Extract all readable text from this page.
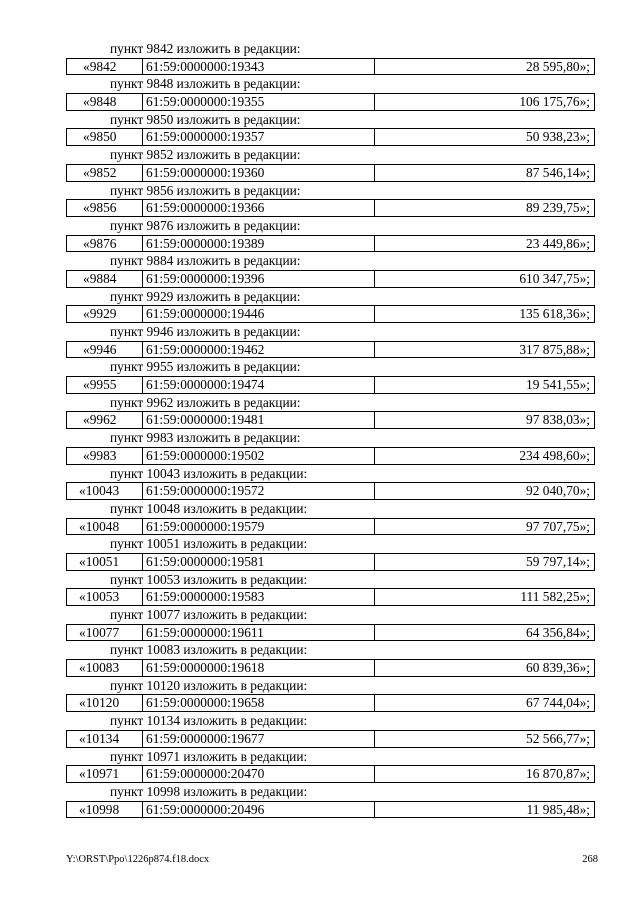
пункт 9842 изложить в редакции:
«9842	61:59:0000000:19343	28 595,80»;
пункт 9848 изложить в редакции:
«9848	61:59:0000000:19355	106 175,76»;
пункт 9850 изложить в редакции:
«9850	61:59:0000000:19357	50 938,23»;
пункт 9852 изложить в редакции:
«9852	61:59:0000000:19360	87 546,14»;
пункт 9856 изложить в редакции:
«9856	61:59:0000000:19366	89 239,75»;
пункт 9876 изложить в редакции:
«9876	61:59:0000000:19389	23 449,86»;
пункт 9884 изложить в редакции:
«9884	61:59:0000000:19396	610 347,75»;
пункт 9929 изложить в редакции:
«9929	61:59:0000000:19446	135 618,36»;
пункт 9946 изложить в редакции:
«9946	61:59:0000000:19462	317 875,88»;
пункт 9955 изложить в редакции:
«9955	61:59:0000000:19474	19 541,55»;
пункт 9962 изложить в редакции:
«9962	61:59:0000000:19481	97 838,03»;
пункт 9983 изложить в редакции:
«9983	61:59:0000000:19502	234 498,60»;
пункт 10043 изложить в редакции:
«10043	61:59:0000000:19572	92 040,70»;
пункт 10048 изложить в редакции:
«10048	61:59:0000000:19579	97 707,75»;
пункт 10051 изложить в редакции:
«10051	61:59:0000000:19581	59 797,14»;
пункт 10053 изложить в редакции:
«10053	61:59:0000000:19583	111 582,25»;
пункт 10077 изложить в редакции:
«10077	61:59:0000000:19611	64 356,84»;
пункт 10083 изложить в редакции:
«10083	61:59:0000000:19618	60 839,36»;
пункт 10120 изложить в редакции:
«10120	61:59:0000000:19658	67 744,04»;
пункт 10134 изложить в редакции:
«10134	61:59:0000000:19677	52 566,77»;
пункт 10971 изложить в редакции:
«10971	61:59:0000000:20470	16 870,87»;
пункт 10998 изложить в редакции:
«10998	61:59:0000000:20496	11 985,48»;
Y:\ORST\Ppo\1226p874.f18.docx	268
